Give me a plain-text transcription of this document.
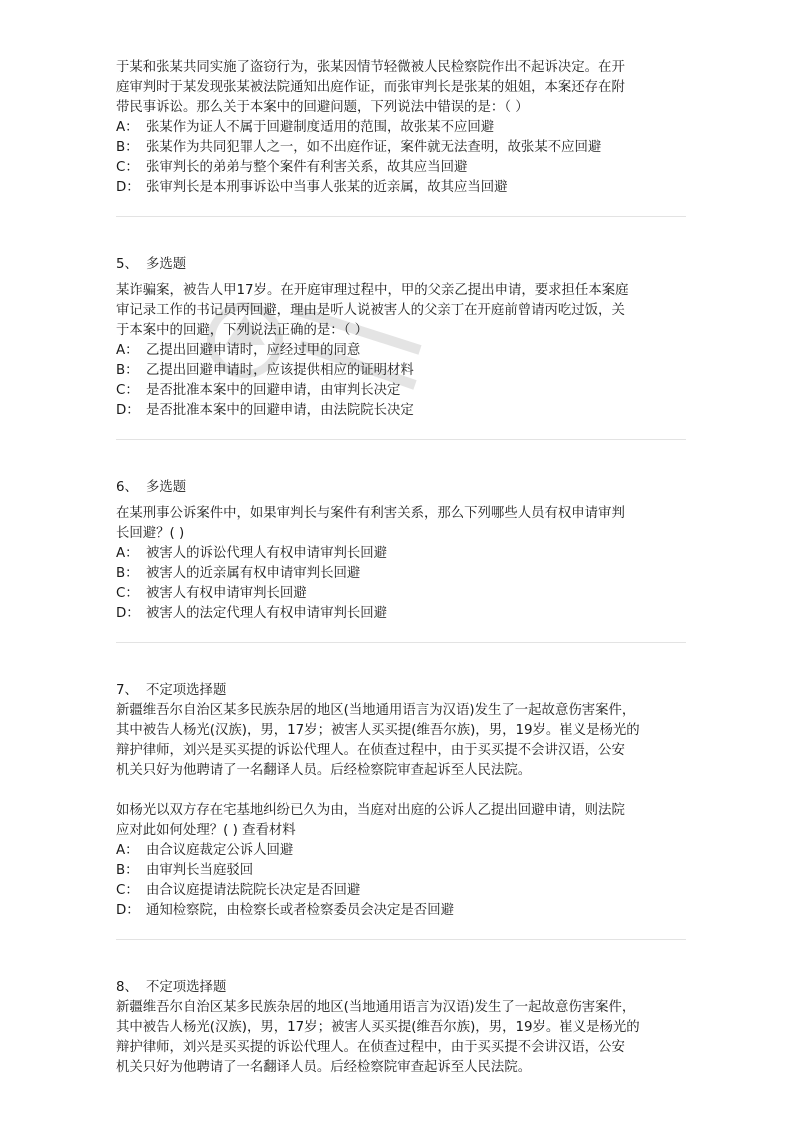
于某和张某共同实施了盗窃行为，张某因情节轻微被人民检察院作出不起诉决定。在开
庭审判时于某发现张某被法院通知出庭作证，而张审判长是张某的姐姐，本案还存在附
带民事诉讼。那么关于本案中的回避问题，下列说法中错误的是：（ ）
A： 张某作为证人不属于回避制度适用的范围，故张某不应回避
B： 张某作为共同犯罪人之一，如不出庭作证，案件就无法查明，故张某不应回避
C： 张审判长的弟弟与整个案件有利害关系，故其应当回避
D： 张审判长是本刑事诉讼中当事人张某的近亲属，故其应当回避
5、 多选题
某诈骗案，被告人甲17岁。在开庭审理过程中，甲的父亲乙提出申请，要求担任本案庭
审记录工作的书记员丙回避，理由是听人说被害人的父亲丁在开庭前曾请丙吃过饭，关
于本案中的回避，下列说法正确的是：（ ）
A： 乙提出回避申请时，应经过甲的同意
B： 乙提出回避申请时，应该提供相应的证明材料
C： 是否批准本案中的回避申请，由审判长决定
D： 是否批准本案中的回避申请，由法院院长决定
6、 多选题
在某刑事公诉案件中，如果审判长与案件有利害关系，那么下列哪些人员有权申请审判
长回避？( )
A： 被害人的诉讼代理人有权申请审判长回避
B： 被害人的近亲属有权申请审判长回避
C： 被害人有权申请审判长回避
D： 被害人的法定代理人有权申请审判长回避
7、 不定项选择题
新疆维吾尔自治区某多民族杂居的地区(当地通用语言为汉语)发生了一起故意伤害案件，
其中被告人杨光(汉族)，男，17岁；被害人买买提(维吾尔族)，男，19岁。崔义是杨光的
辩护律师，刘兴是买买提的诉讼代理人。在侦查过程中，由于买买提不会讲汉语，公安
机关只好为他聘请了一名翻译人员。后经检察院审查起诉至人民法院。
如杨光以双方存在宅基地纠纷已久为由，当庭对出庭的公诉人乙提出回避申请，则法院
应对此如何处理？( ) 查看材料
A： 由合议庭裁定公诉人回避
B： 由审判长当庭驳回
C： 由合议庭提请法院院长决定是否回避
D： 通知检察院，由检察长或者检察委员会决定是否回避
8、 不定项选择题
新疆维吾尔自治区某多民族杂居的地区(当地通用语言为汉语)发生了一起故意伤害案件，
其中被告人杨光(汉族)，男，17岁；被害人买买提(维吾尔族)，男，19岁。崔义是杨光的
辩护律师，刘兴是买买提的诉讼代理人。在侦查过程中，由于买买提不会讲汉语，公安
机关只好为他聘请了一名翻译人员。后经检察院审查起诉至人民法院。
